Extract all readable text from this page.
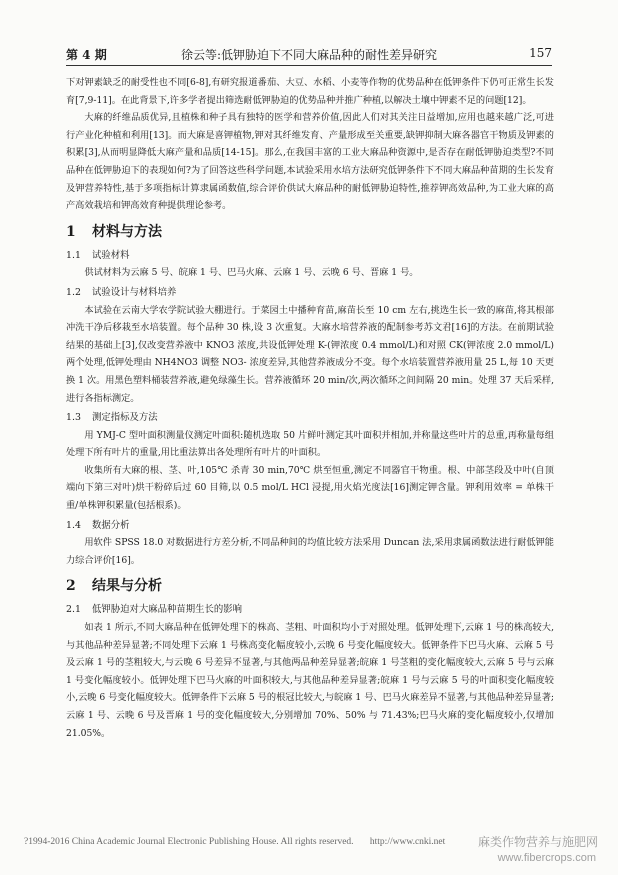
第 4 期	徐云等:低钾胁迫下不同大麻品种的耐性差异研究	157

下对钾素缺乏的耐受性也不同[6-8],有研究报道番茄、大豆、水稻、小麦等作物的优势品种在低钾条件下仍可正常生长发育[7,9-11]。在此背景下,许多学者提出筛选耐低钾胁迫的优势品种并推广种植,以解决土壤中钾素不足的问题[12]。

大麻的纤维品质优异,且植株和种子具有独特的医学和营养价值,因此人们对其关注日益增加,应用也越来越广泛,可进行产业化种植和利用[13]。而大麻是喜钾植物,钾对其纤维发育、产量形成至关重要,缺钾抑制大麻各器官干物质及钾素的积累[3],从而明显降低大麻产量和品质[14-15]。那么,在我国丰富的工业大麻品种资源中,是否存在耐低钾胁迫类型?不同品种在低钾胁迫下的表现如何?为了回答这些科学问题,本试验采用水培方法研究低钾条件下不同大麻品种苗期的生长发育及钾营养特性,基于多项指标计算隶属函数值,综合评价供试大麻品种的耐低钾胁迫特性,推荐钾高效品种,为工业大麻的高产高效栽培和钾高效育种提供理论参考。

1 材料与方法
1.1 试验材料

供试材料为云麻 5 号、皖麻 1 号、巴马火麻、云麻 1 号、云晚 6 号、晋麻 1 号。

1.2 试验设计与材料培养

本试验在云南大学农学院试验大棚进行。于菜园土中播种育苗,麻苗长至 10 cm 左右,挑选生长一致的麻苗,将其根部冲洗干净后移栽至水培装置。每个品种 30 株,设 3 次重复。大麻水培营养液的配制参考苏文君[16]的方法。在前期试验结果的基础上[3],仅改变营养液中 KNO3 浓度,共设低钾处理 K-(钾浓度 0.4 mmol/L)和对照 CK(钾浓度 2.0 mmol/L)两个处理,低钾处理由 NH4NO3 调整 NO3- 浓度差异,其他营养液成分不变。每个水培装置营养液用量 25 L,每 10 天更换 1 次。用黑色塑料桶装营养液,避免绿藻生长。营养液循环 20 min/次,两次循环之间间隔 20 min。处理 37 天后采样,进行各指标测定。

1.3 测定指标及方法

用 YMJ-C 型叶面积测量仪测定叶面积:随机选取 50 片鲜叶测定其叶面积并相加,并称量这些叶片的总重,再称量每组处理下所有叶片的重量,用比重法算出各处理所有叶片的叶面积。

收集所有大麻的根、茎、叶,105℃ 杀青 30 min,70℃ 烘至恒重,测定不同器官干物重。根、中部茎段及中叶(自顶端向下第三对叶)烘干粉碎后过 60 目筛,以 0.5 mol/L HCl 浸提,用火焰光度法[16]测定钾含量。钾利用效率 = 单株干重/单株钾积累量(包括根系)。

1.4 数据分析

用软件 SPSS 18.0 对数据进行方差分析,不同品种间的均值比较方法采用 Duncan 法,采用隶属函数法进行耐低钾能力综合评价[16]。

2 结果与分析
2.1 低钾胁迫对大麻品种苗期生长的影响

如表 1 所示,不同大麻品种在低钾处理下的株高、茎粗、叶面积均小于对照处理。低钾处理下,云麻 1 号的株高较大,与其他品种差异显著;不同处理下云麻 1 号株高变化幅度较小,云晚 6 号变化幅度较大。低钾条件下巴马火麻、云麻 5 号及云麻 1 号的茎粗较大,与云晚 6 号差异不显著,与其他两品种差异显著;皖麻 1 号茎粗的变化幅度较大,云麻 5 号与云麻 1 号变化幅度较小。低钾处理下巴马火麻的叶面积较大,与其他品种差异显著;皖麻 1 号与云麻 5 号的叶面积变化幅度较小,云晚 6 号变化幅度较大。低钾条件下云麻 5 号的根冠比较大,与皖麻 1 号、巴马火麻差异不显著,与其他品种差异显著;云麻 1 号、云晚 6 号及晋麻 1 号的变化幅度较大,分别增加 70%、50% 与 71.43%;巴马火麻的变化幅度较小,仅增加 21.05%。

?1994-2016 China Academic Journal Electronic Publishing House. All rights reserved. http://www.cnki.net	麻类作物营养与施肥网
www.fibercrops.com
